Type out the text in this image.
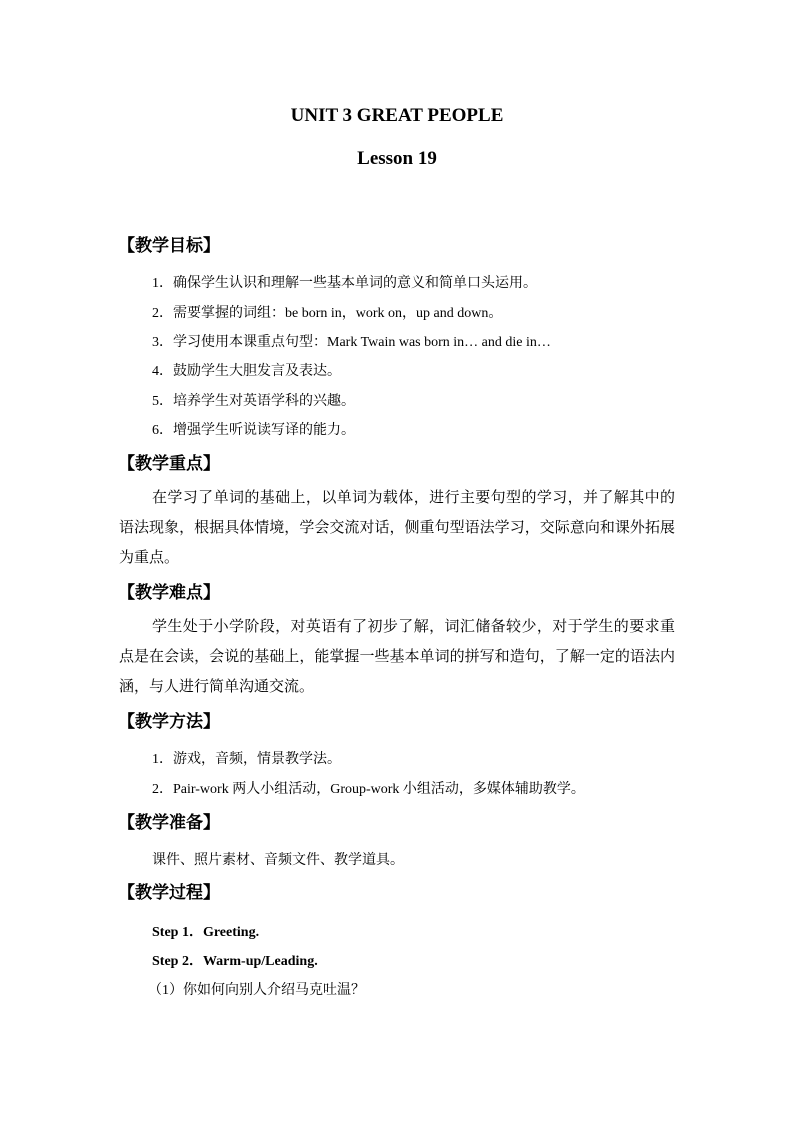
UNIT 3 GREAT PEOPLE
Lesson 19
【教学目标】
1．确保学生认识和理解一些基本单词的意义和简单口头运用。
2．需要掌握的词组：be born in，work on，up and down。
3．学习使用本课重点句型：Mark Twain was born in… and die in…
4．鼓励学生大胆发言及表达。
5．培养学生对英语学科的兴趣。
6．增强学生听说读写译的能力。
【教学重点】
在学习了单词的基础上，以单词为载体，进行主要句型的学习，并了解其中的语法现象，根据具体情境，学会交流对话，侧重句型语法学习，交际意向和课外拓展为重点。
【教学难点】
学生处于小学阶段，对英语有了初步了解，词汇储备较少，对于学生的要求重点是在会读，会说的基础上，能掌握一些基本单词的拼写和造句，了解一定的语法内涵，与人进行简单沟通交流。
【教学方法】
1．游戏，音频，情景教学法。
2．Pair-work 两人小组活动，Group-work 小组活动，多媒体辅助教学。
【教学准备】
课件、照片素材、音频文件、教学道具。
【教学过程】
Step 1．Greeting.
Step 2．Warm-up/Leading.
（1）你如何向别人介绍马克吐温？
